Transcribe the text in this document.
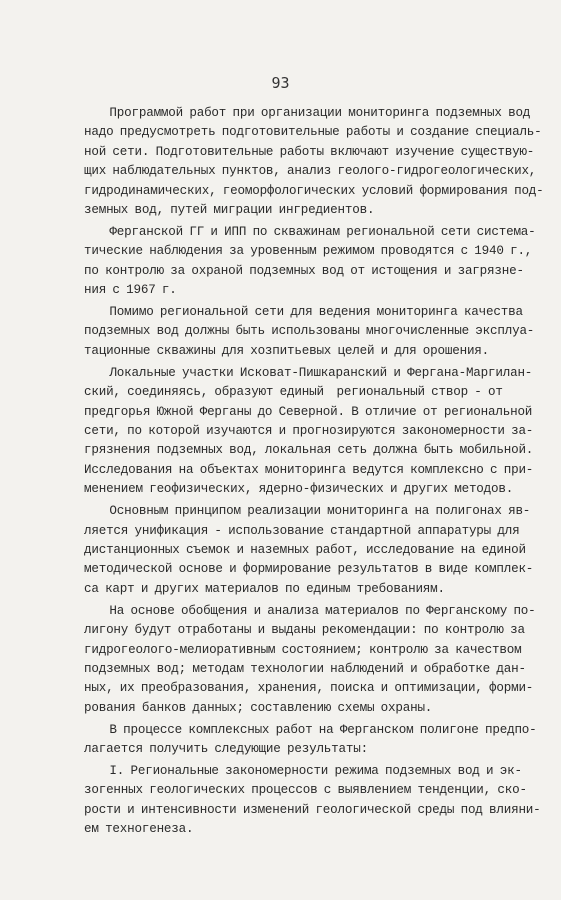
93
Программой работ при организации мониторинга подземных вод
надо предусмотреть подготовительные работы и создание специаль-
ной сети. Подготовительные работы включают изучение существую-
щих наблюдательных пунктов, анализ геолого-гидрогеологических,
гидродинамических, геоморфологических условий формирования под-
земных вод, путей миграции ингредиентов.
Ферганской ГГ и ИПП по скважинам региональной сети система-
тические наблюдения за уровенным режимом проводятся с 1940 г.,
по контролю за охраной подземных вод от истощения и загрязне-
ния с 1967 г.
Помимо региональной сети для ведения мониторинга качества
подземных вод должны быть использованы многочисленные эксплуа-
тационные скважины для хозпитьевых целей и для орошения.
Локальные участки Исковат-Пишкаранский и Фергана-Маргилан-
ский, соединяясь, образуют единый  региональный створ - от
предгорья Южной Ферганы до Северной. В отличие от региональной
сети, по которой изучаются и прогнозируются закономерности за-
грязнения подземных вод, локальная сеть должна быть мобильной.
Исследования на объектах мониторинга ведутся комплексно с при-
менением геофизических, ядерно-физических и других методов.
Основным принципом реализации мониторинга на полигонах яв-
ляется унификация - использование стандартной аппаратуры для
дистанционных съемок и наземных работ, исследование на единой
методической основе и формирование результатов в виде комплек-
са карт и других материалов по единым требованиям.
На основе обобщения и анализа материалов по Ферганскому по-
лигону будут отработаны и выданы рекомендации: по контролю за
гидрогеолого-мелиоративным состоянием; контролю за качеством
подземных вод; методам технологии наблюдений и обработке дан-
ных, их преобразования, хранения, поиска и оптимизации, форми-
рования банков данных; составлению схемы охраны.
В процессе комплексных работ на Ферганском полигоне предпо-
лагается получить следующие результаты:
I. Региональные закономерности режима подземных вод и эк-
зогенных геологических процессов с выявлением тенденции, ско-
рости и интенсивности изменений геологической среды под влияни-
ем техногенеза.
